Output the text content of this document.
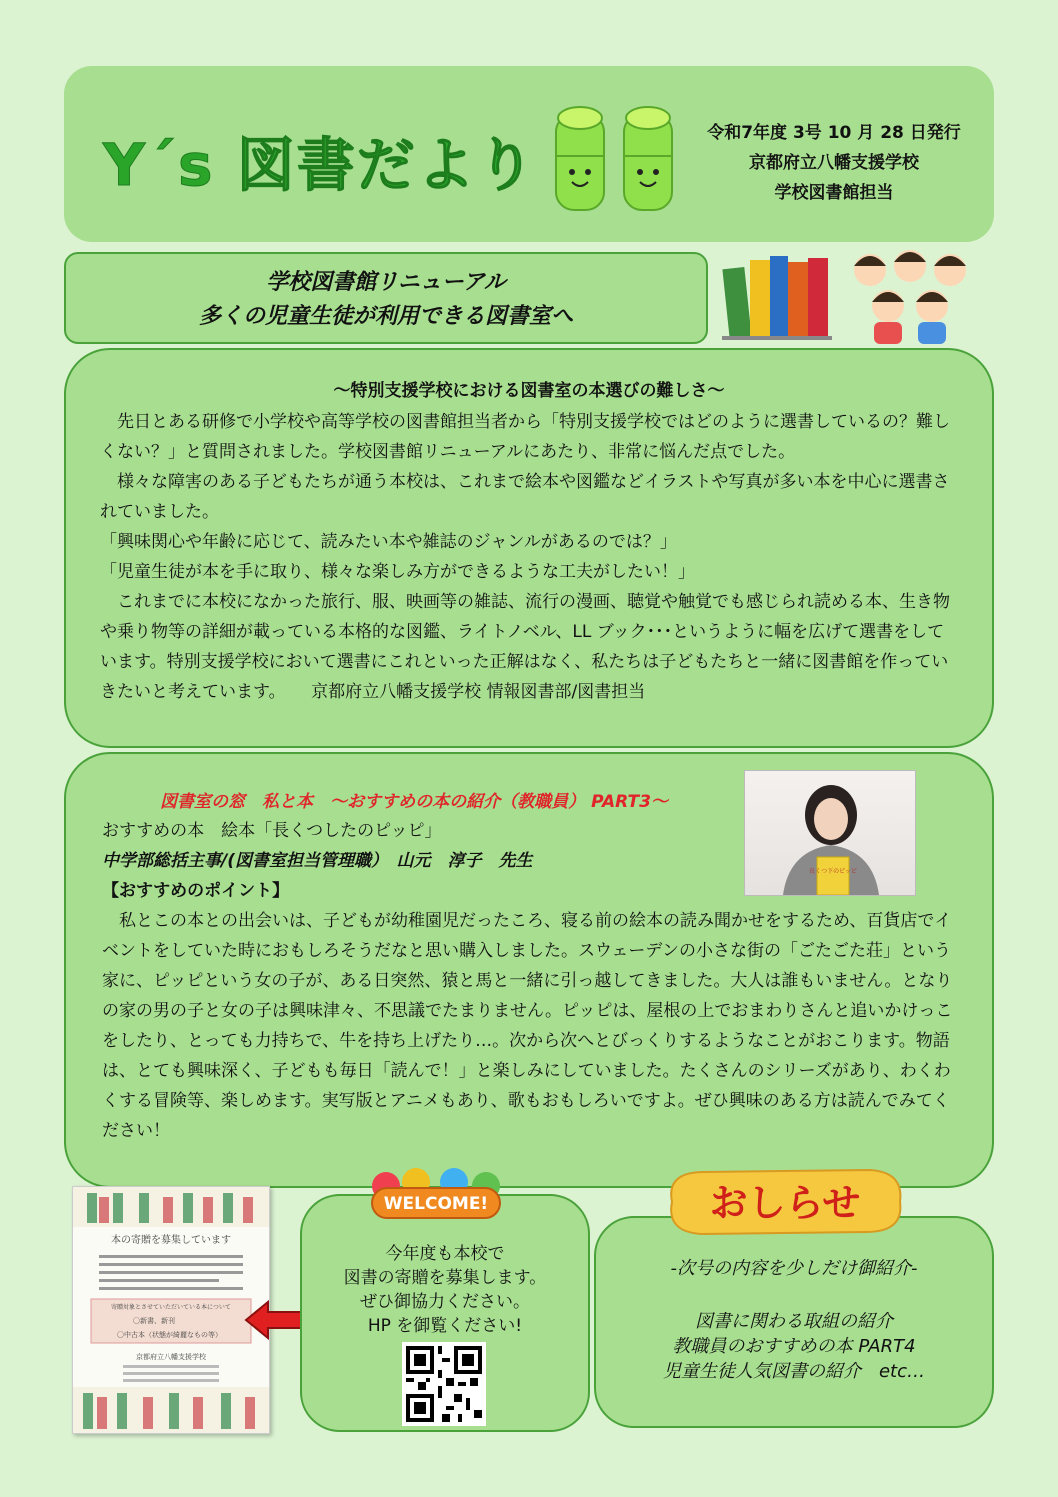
Y´s 図書だより	令和7年度 3号 10 月 28 日発行
京都府立八幡支援学校
学校図書館担当
学校図書館リニューアル
多くの児童生徒が利用できる図書室へ
～特別支援学校における図書室の本選びの難しさ～

　先日とある研修で小学校や高等学校の図書館担当者から「特別支援学校ではどのように選書しているの？難しくない？」と質問されました。学校図書館リニューアルにあたり、非常に悩んだ点でした。

　様々な障害のある子どもたちが通う本校は、これまで絵本や図鑑などイラストや写真が多い本を中心に選書されていました。

「興味関心や年齢に応じて、読みたい本や雑誌のジャンルがあるのでは？」

「児童生徒が本を手に取り、様々な楽しみ方ができるような工夫がしたい！」

　これまでに本校になかった旅行、服、映画等の雑誌、流行の漫画、聴覚や触覚でも感じられ読める本、生き物や乗り物等の詳細が載っている本格的な図鑑、ライトノベル、LL ブック･･･というように幅を広げて選書をしています。特別支援学校において選書にこれといった正解はなく、私たちは子どもたちと一緒に図書館を作っていきたいと考えています。　　京都府立八幡支援学校 情報図書部/図書担当

図書室の窓　私と本　～おすすめの本の紹介（教職員） PART3～
おすすめの本　絵本「長くつしたのピッピ」
中学部総括主事/(図書室担当管理職）　山元　淳子　先生
【おすすめのポイント】

　私とこの本との出会いは、子どもが幼稚園児だったころ、寝る前の絵本の読み聞かせをするため、百貨店でイベントをしていた時におもしろそうだなと思い購入しました。スウェーデンの小さな街の「ごたごた荘」という家に、ピッピという女の子が、ある日突然、猿と馬と一緒に引っ越してきました。大人は誰もいません。となりの家の男の子と女の子は興味津々、不思議でたまりません。ピッピは、屋根の上でおまわりさんと追いかけっこをしたり、とっても力持ちで、牛を持ち上げたり…。次から次へとびっくりするようなことがおこります。物語は、とても興味深く、子どもも毎日「読んで！」と楽しみにしていました。たくさんのシリーズがあり、わくわくする冒険等、楽しめます。実写版とアニメもあり、歌もおもしろいですよ。ぜひ興味のある方は読んでみてください！

長くつ下のピッピ
本の寄贈を募集しています
寄贈対象とさせていただいている本について
〇新書、新刊
〇中古本（状態が綺麗なもの等）
京都府立八幡支援学校

今年度も本校で

図書の寄贈を募集します。

ぜひ御協力ください。

HP を御覧ください!

WELCOME!

-次号の内容を少しだけ御紹介-

図書に関わる取組の紹介

教職員のおすすめの本 PART4

児童生徒人気図書の紹介　etc…

おしらせ
